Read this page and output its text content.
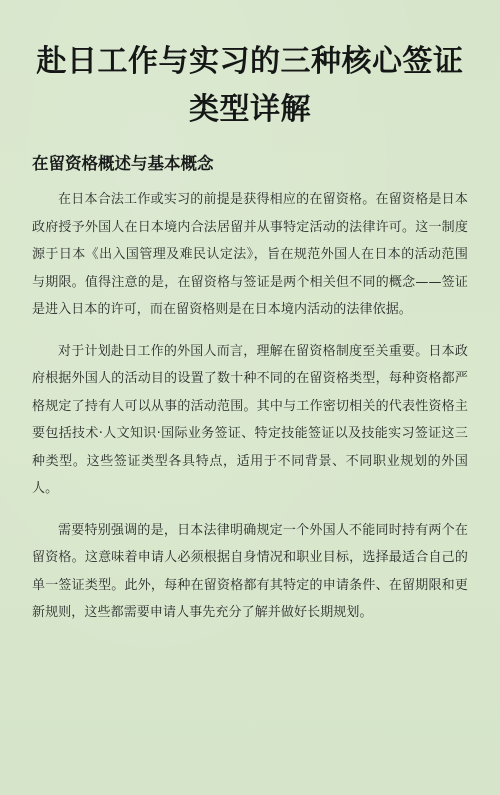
赴日工作与实习的三种核心签证类型详解
在留资格概述与基本概念

在日本合法工作或实习的前提是获得相应的在留资格。在留资格是日本政府授予外国人在日本境内合法居留并从事特定活动的法律许可。这一制度源于日本《出入国管理及难民认定法》，旨在规范外国人在日本的活动范围与期限。值得注意的是，在留资格与签证是两个相关但不同的概念——签证是进入日本的许可，而在留资格则是在日本境内活动的法律依据。

对于计划赴日工作的外国人而言，理解在留资格制度至关重要。日本政府根据外国人的活动目的设置了数十种不同的在留资格类型，每种资格都严格规定了持有人可以从事的活动范围。其中与工作密切相关的代表性资格主要包括技术·人文知识·国际业务签证、特定技能签证以及技能实习签证这三种类型。这些签证类型各具特点，适用于不同背景、不同职业规划的外国人。

需要特别强调的是，日本法律明确规定一个外国人不能同时持有两个在留资格。这意味着申请人必须根据自身情况和职业目标，选择最适合自己的单一签证类型。此外，每种在留资格都有其特定的申请条件、在留期限和更新规则，这些都需要申请人事先充分了解并做好长期规划。
